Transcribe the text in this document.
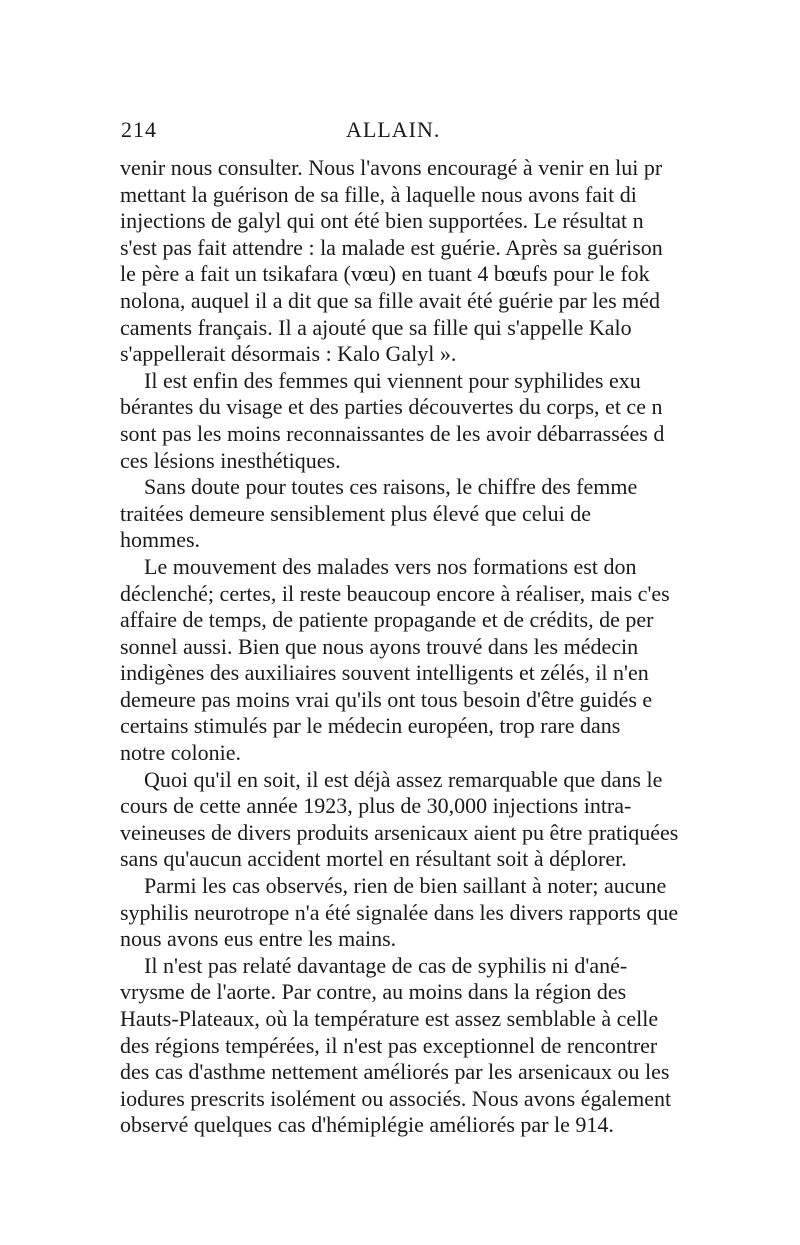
214	ALLAIN.
venir nous consulter. Nous l'avons encouragé à venir en lui pr
mettant la guérison de sa fille, à laquelle nous avons fait di
injections de galyl qui ont été bien supportées. Le résultat n
s'est pas fait attendre : la malade est guérie. Après sa guérison
le père a fait un tsikafara (vœu) en tuant 4 bœufs pour le fok
nolona, auquel il a dit que sa fille avait été guérie par les méd
caments français. Il a ajouté que sa fille qui s'appelle Kalo
s'appellerait désormais : Kalo Galyl ».
Il est enfin des femmes qui viennent pour syphilides exu
bérantes du visage et des parties découvertes du corps, et ce n
sont pas les moins reconnaissantes de les avoir débarrassées d
ces lésions inesthétiques.
Sans doute pour toutes ces raisons, le chiffre des femme
traitées demeure sensiblement plus élevé que celui de
hommes.
Le mouvement des malades vers nos formations est don
déclenché; certes, il reste beaucoup encore à réaliser, mais c'es
affaire de temps, de patiente propagande et de crédits, de per
sonnel aussi. Bien que nous ayons trouvé dans les médecin
indigènes des auxiliaires souvent intelligents et zélés, il n'en
demeure pas moins vrai qu'ils ont tous besoin d'être guidés e
certains stimulés par le médecin européen, trop rare dans
notre colonie.
Quoi qu'il en soit, il est déjà assez remarquable que dans le
cours de cette année 1923, plus de 30,000 injections intra-
veineuses de divers produits arsenicaux aient pu être pratiquées
sans qu'aucun accident mortel en résultant soit à déplorer.
Parmi les cas observés, rien de bien saillant à noter; aucune
syphilis neurotrope n'a été signalée dans les divers rapports que
nous avons eus entre les mains.
Il n'est pas relaté davantage de cas de syphilis ni d'ané-
vrysme de l'aorte. Par contre, au moins dans la région des
Hauts-Plateaux, où la température est assez semblable à celle
des régions tempérées, il n'est pas exceptionnel de rencontrer
des cas d'asthme nettement améliorés par les arsenicaux ou les
iodures prescrits isolément ou associés. Nous avons également
observé quelques cas d'hémiplégie améliorés par le 914.
